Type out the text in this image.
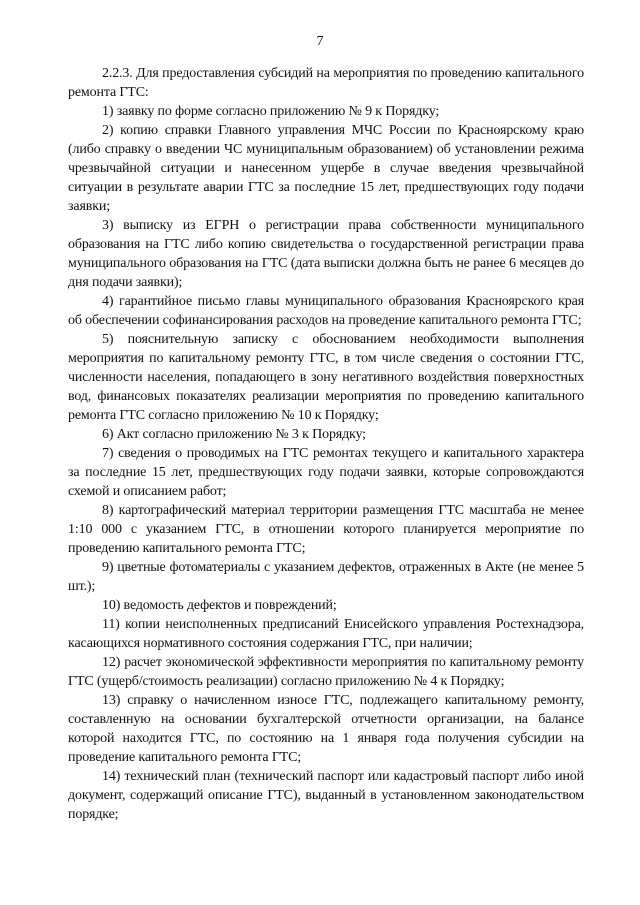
7

2.2.3. Для предоставления субсидий на мероприятия по проведению капитального ремонта ГТС:

1) заявку по форме согласно приложению № 9 к Порядку;

2) копию справки Главного управления МЧС России по Красноярскому краю (либо справку о введении ЧС муниципальным образованием) об установлении режима чрезвычайной ситуации и нанесенном ущербе в случае введения чрезвычайной ситуации в результате аварии ГТС за последние 15 лет, предшествующих году подачи заявки;

3) выписку из ЕГРН о регистрации права собственности муниципального образования на ГТС либо копию свидетельства о государственной регистрации права муниципального образования на ГТС (дата выписки должна быть не ранее 6 месяцев до дня подачи заявки);

4) гарантийное письмо главы муниципального образования Красноярского края об обеспечении софинансирования расходов на проведение капитального ремонта ГТС;

5) пояснительную записку с обоснованием необходимости выполнения мероприятия по капитальному ремонту ГТС, в том числе сведения о состоянии ГТС, численности населения, попадающего в зону негативного воздействия поверхностных вод, финансовых показателях реализации мероприятия по проведению капитального ремонта ГТС согласно приложению № 10 к Порядку;

6) Акт согласно приложению № 3 к Порядку;

7) сведения о проводимых на ГТС ремонтах текущего и капитального характера за последние 15 лет, предшествующих году подачи заявки, которые сопровождаются схемой и описанием работ;

8) картографический материал территории размещения ГТС масштаба не менее 1:10 000 с указанием ГТС, в отношении которого планируется мероприятие по проведению капитального ремонта ГТС;

9) цветные фотоматериалы с указанием дефектов, отраженных в Акте (не менее 5 шт.);

10) ведомость дефектов и повреждений;

11) копии неисполненных предписаний Енисейского управления Ростехнадзора, касающихся нормативного состояния содержания ГТС, при наличии;

12) расчет экономической эффективности мероприятия по капитальному ремонту ГТС (ущерб/стоимость реализации) согласно приложению № 4 к Порядку;

13) справку о начисленном износе ГТС, подлежащего капитальному ремонту, составленную на основании бухгалтерской отчетности организации, на балансе которой находится ГТС, по состоянию на 1 января года получения субсидии на проведение капитального ремонта ГТС;

14) технический план (технический паспорт или кадастровый паспорт либо иной документ, содержащий описание ГТС), выданный в установленном законодательством порядке;
